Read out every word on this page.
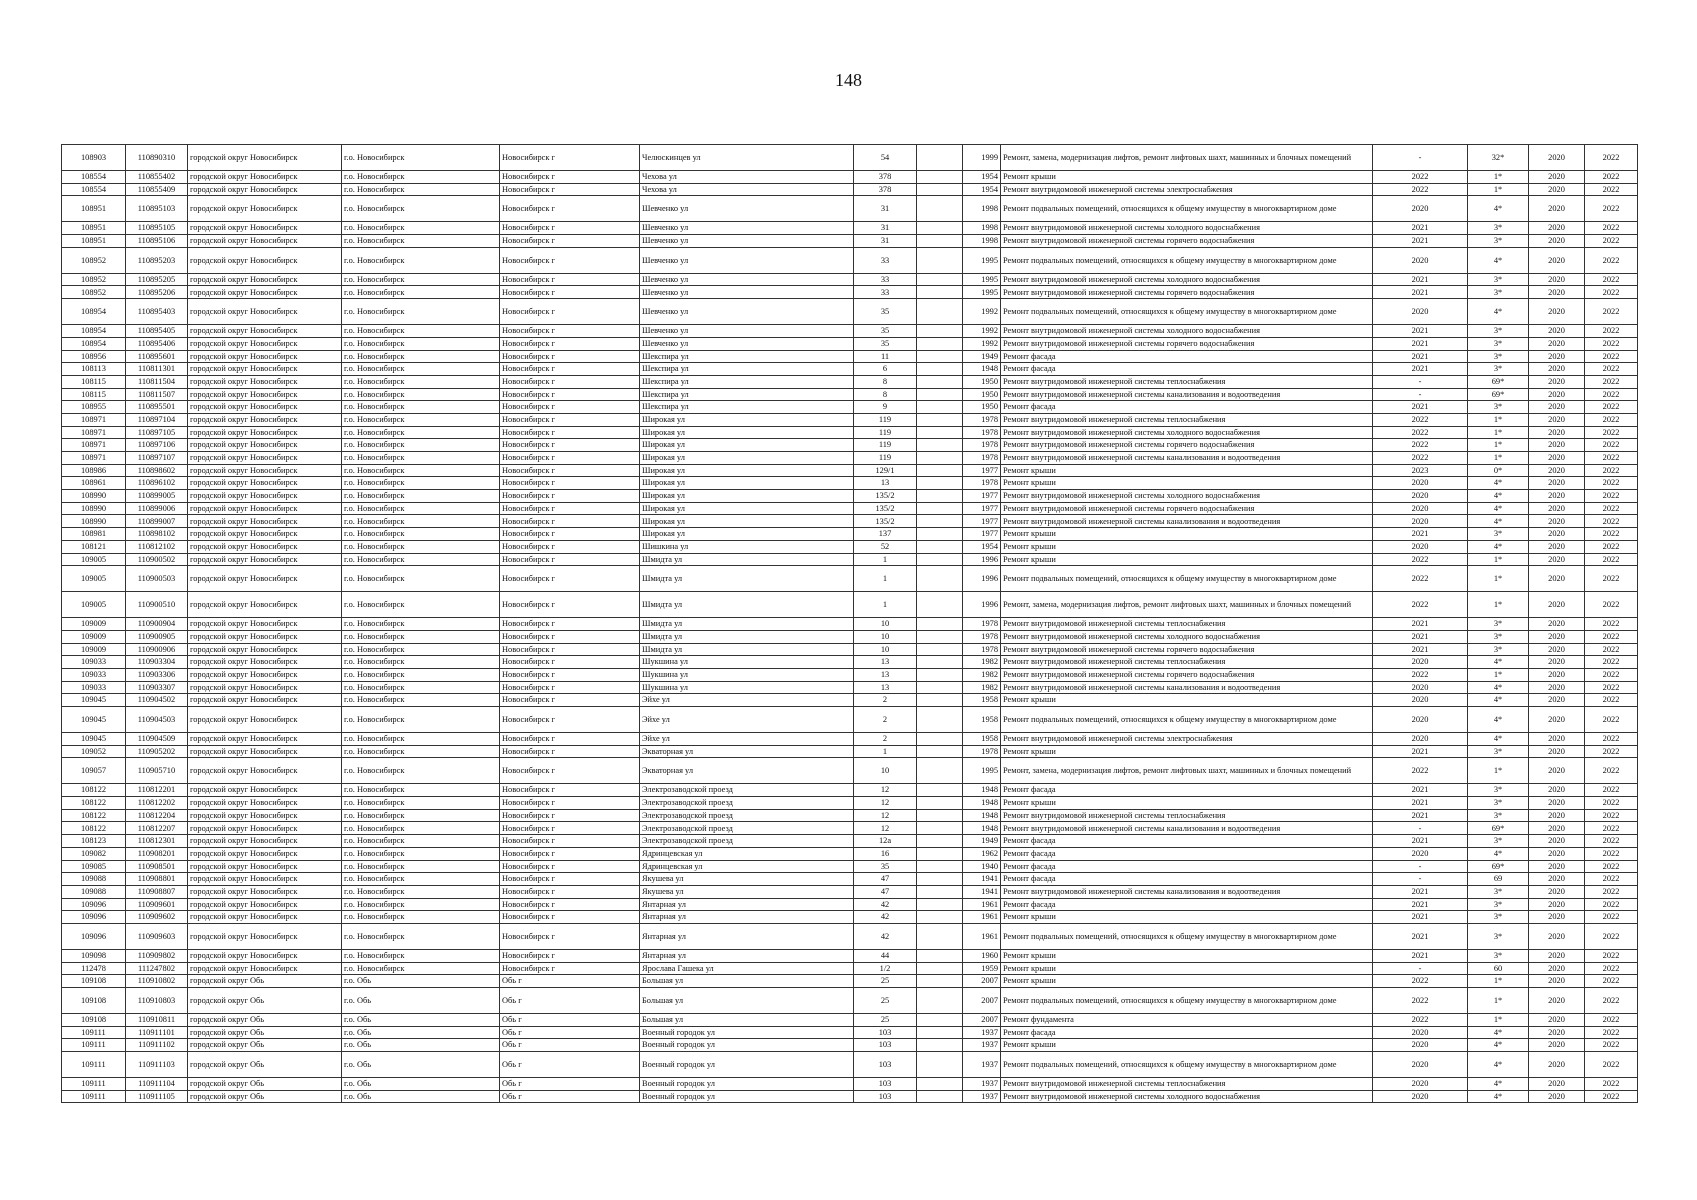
148
108903	110890310	городской округ Новосибирск	г.о. Новосибирск	Новосибирск г	Челюскинцев ул	54		1999	Ремонт, замена, модернизация лифтов, ремонт лифтовых шахт, машинных и блочных помещений	-	32*	2020	2022
108554	110855402	городской округ Новосибирск	г.о. Новосибирск	Новосибирск г	Чехова ул	378		1954	Ремонт крыши	2022	1*	2020	2022
108554	110855409	городской округ Новосибирск	г.о. Новосибирск	Новосибирск г	Чехова ул	378		1954	Ремонт внутридомовой инженерной системы электроснабжения	2022	1*	2020	2022
108951	110895103	городской округ Новосибирск	г.о. Новосибирск	Новосибирск г	Шевченко ул	31		1998	Ремонт подвальных помещений, относящихся к общему имуществу в многоквартирном доме	2020	4*	2020	2022
108951	110895105	городской округ Новосибирск	г.о. Новосибирск	Новосибирск г	Шевченко ул	31		1998	Ремонт внутридомовой инженерной системы холодного водоснабжения	2021	3*	2020	2022
108951	110895106	городской округ Новосибирск	г.о. Новосибирск	Новосибирск г	Шевченко ул	31		1998	Ремонт внутридомовой инженерной системы горячего водоснабжения	2021	3*	2020	2022
108952	110895203	городской округ Новосибирск	г.о. Новосибирск	Новосибирск г	Шевченко ул	33		1995	Ремонт подвальных помещений, относящихся к общему имуществу в многоквартирном доме	2020	4*	2020	2022
108952	110895205	городской округ Новосибирск	г.о. Новосибирск	Новосибирск г	Шевченко ул	33		1995	Ремонт внутридомовой инженерной системы холодного водоснабжения	2021	3*	2020	2022
108952	110895206	городской округ Новосибирск	г.о. Новосибирск	Новосибирск г	Шевченко ул	33		1995	Ремонт внутридомовой инженерной системы горячего водоснабжения	2021	3*	2020	2022
108954	110895403	городской округ Новосибирск	г.о. Новосибирск	Новосибирск г	Шевченко ул	35		1992	Ремонт подвальных помещений, относящихся к общему имуществу в многоквартирном доме	2020	4*	2020	2022
108954	110895405	городской округ Новосибирск	г.о. Новосибирск	Новосибирск г	Шевченко ул	35		1992	Ремонт внутридомовой инженерной системы холодного водоснабжения	2021	3*	2020	2022
108954	110895406	городской округ Новосибирск	г.о. Новосибирск	Новосибирск г	Шевченко ул	35		1992	Ремонт внутридомовой инженерной системы горячего водоснабжения	2021	3*	2020	2022
108956	110895601	городской округ Новосибирск	г.о. Новосибирск	Новосибирск г	Шекспира ул	11		1949	Ремонт фасада	2021	3*	2020	2022
108113	110811301	городской округ Новосибирск	г.о. Новосибирск	Новосибирск г	Шекспира ул	6		1948	Ремонт фасада	2021	3*	2020	2022
108115	110811504	городской округ Новосибирск	г.о. Новосибирск	Новосибирск г	Шекспира ул	8		1950	Ремонт внутридомовой инженерной системы теплоснабжения	-	69*	2020	2022
108115	110811507	городской округ Новосибирск	г.о. Новосибирск	Новосибирск г	Шекспира ул	8		1950	Ремонт внутридомовой инженерной системы канализования и водоотведения	-	69*	2020	2022
108955	110895501	городской округ Новосибирск	г.о. Новосибирск	Новосибирск г	Шекспира ул	9		1950	Ремонт фасада	2021	3*	2020	2022
108971	110897104	городской округ Новосибирск	г.о. Новосибирск	Новосибирск г	Широкая ул	119		1978	Ремонт внутридомовой инженерной системы теплоснабжения	2022	1*	2020	2022
108971	110897105	городской округ Новосибирск	г.о. Новосибирск	Новосибирск г	Широкая ул	119		1978	Ремонт внутридомовой инженерной системы холодного водоснабжения	2022	1*	2020	2022
108971	110897106	городской округ Новосибирск	г.о. Новосибирск	Новосибирск г	Широкая ул	119		1978	Ремонт внутридомовой инженерной системы горячего водоснабжения	2022	1*	2020	2022
108971	110897107	городской округ Новосибирск	г.о. Новосибирск	Новосибирск г	Широкая ул	119		1978	Ремонт внутридомовой инженерной системы канализования и водоотведения	2022	1*	2020	2022
108986	110898602	городской округ Новосибирск	г.о. Новосибирск	Новосибирск г	Широкая ул	129/1		1977	Ремонт крыши	2023	0*	2020	2022
108961	110896102	городской округ Новосибирск	г.о. Новосибирск	Новосибирск г	Широкая ул	13		1978	Ремонт крыши	2020	4*	2020	2022
108990	110899005	городской округ Новосибирск	г.о. Новосибирск	Новосибирск г	Широкая ул	135/2		1977	Ремонт внутридомовой инженерной системы холодного водоснабжения	2020	4*	2020	2022
108990	110899006	городской округ Новосибирск	г.о. Новосибирск	Новосибирск г	Широкая ул	135/2		1977	Ремонт внутридомовой инженерной системы горячего водоснабжения	2020	4*	2020	2022
108990	110899007	городской округ Новосибирск	г.о. Новосибирск	Новосибирск г	Широкая ул	135/2		1977	Ремонт внутридомовой инженерной системы канализования и водоотведения	2020	4*	2020	2022
108981	110898102	городской округ Новосибирск	г.о. Новосибирск	Новосибирск г	Широкая ул	137		1977	Ремонт крыши	2021	3*	2020	2022
108121	110812102	городской округ Новосибирск	г.о. Новосибирск	Новосибирск г	Шишкина ул	52		1954	Ремонт крыши	2020	4*	2020	2022
109005	110900502	городской округ Новосибирск	г.о. Новосибирск	Новосибирск г	Шмидта ул	1		1996	Ремонт крыши	2022	1*	2020	2022
109005	110900503	городской округ Новосибирск	г.о. Новосибирск	Новосибирск г	Шмидта ул	1		1996	Ремонт подвальных помещений, относящихся к общему имуществу в многоквартирном доме	2022	1*	2020	2022
109005	110900510	городской округ Новосибирск	г.о. Новосибирск	Новосибирск г	Шмидта ул	1		1996	Ремонт, замена, модернизация лифтов, ремонт лифтовых шахт, машинных и блочных помещений	2022	1*	2020	2022
109009	110900904	городской округ Новосибирск	г.о. Новосибирск	Новосибирск г	Шмидта ул	10		1978	Ремонт внутридомовой инженерной системы теплоснабжения	2021	3*	2020	2022
109009	110900905	городской округ Новосибирск	г.о. Новосибирск	Новосибирск г	Шмидта ул	10		1978	Ремонт внутридомовой инженерной системы холодного водоснабжения	2021	3*	2020	2022
109009	110900906	городской округ Новосибирск	г.о. Новосибирск	Новосибирск г	Шмидта ул	10		1978	Ремонт внутридомовой инженерной системы горячего водоснабжения	2021	3*	2020	2022
109033	110903304	городской округ Новосибирск	г.о. Новосибирск	Новосибирск г	Шукшина ул	13		1982	Ремонт внутридомовой инженерной системы теплоснабжения	2020	4*	2020	2022
109033	110903306	городской округ Новосибирск	г.о. Новосибирск	Новосибирск г	Шукшина ул	13		1982	Ремонт внутридомовой инженерной системы горячего водоснабжения	2022	1*	2020	2022
109033	110903307	городской округ Новосибирск	г.о. Новосибирск	Новосибирск г	Шукшина ул	13		1982	Ремонт внутридомовой инженерной системы канализования и водоотведения	2020	4*	2020	2022
109045	110904502	городской округ Новосибирск	г.о. Новосибирск	Новосибирск г	Эйхе ул	2		1958	Ремонт крыши	2020	4*	2020	2022
109045	110904503	городской округ Новосибирск	г.о. Новосибирск	Новосибирск г	Эйхе ул	2		1958	Ремонт подвальных помещений, относящихся к общему имуществу в многоквартирном доме	2020	4*	2020	2022
109045	110904509	городской округ Новосибирск	г.о. Новосибирск	Новосибирск г	Эйхе ул	2		1958	Ремонт внутридомовой инженерной системы электроснабжения	2020	4*	2020	2022
109052	110905202	городской округ Новосибирск	г.о. Новосибирск	Новосибирск г	Экваторная ул	1		1978	Ремонт крыши	2021	3*	2020	2022
109057	110905710	городской округ Новосибирск	г.о. Новосибирск	Новосибирск г	Экваторная ул	10		1995	Ремонт, замена, модернизация лифтов, ремонт лифтовых шахт, машинных и блочных помещений	2022	1*	2020	2022
108122	110812201	городской округ Новосибирск	г.о. Новосибирск	Новосибирск г	Электрозаводской проезд	12		1948	Ремонт фасада	2021	3*	2020	2022
108122	110812202	городской округ Новосибирск	г.о. Новосибирск	Новосибирск г	Электрозаводской проезд	12		1948	Ремонт крыши	2021	3*	2020	2022
108122	110812204	городской округ Новосибирск	г.о. Новосибирск	Новосибирск г	Электрозаводской проезд	12		1948	Ремонт внутридомовой инженерной системы теплоснабжения	2021	3*	2020	2022
108122	110812207	городской округ Новосибирск	г.о. Новосибирск	Новосибирск г	Электрозаводской проезд	12		1948	Ремонт внутридомовой инженерной системы канализования и водоотведения	-	69*	2020	2022
108123	110812301	городской округ Новосибирск	г.о. Новосибирск	Новосибирск г	Электрозаводской проезд	12а		1949	Ремонт фасада	2021	3*	2020	2022
109082	110908201	городской округ Новосибирск	г.о. Новосибирск	Новосибирск г	Ядринцевская ул	16		1962	Ремонт фасада	2020	4*	2020	2022
109085	110908501	городской округ Новосибирск	г.о. Новосибирск	Новосибирск г	Ядринцевская ул	35		1940	Ремонт фасада	-	69*	2020	2022
109088	110908801	городской округ Новосибирск	г.о. Новосибирск	Новосибирск г	Якушева ул	47		1941	Ремонт фасада	-	69	2020	2022
109088	110908807	городской округ Новосибирск	г.о. Новосибирск	Новосибирск г	Якушева ул	47		1941	Ремонт внутридомовой инженерной системы канализования и водоотведения	2021	3*	2020	2022
109096	110909601	городской округ Новосибирск	г.о. Новосибирск	Новосибирск г	Янтарная ул	42		1961	Ремонт фасада	2021	3*	2020	2022
109096	110909602	городской округ Новосибирск	г.о. Новосибирск	Новосибирск г	Янтарная ул	42		1961	Ремонт крыши	2021	3*	2020	2022
109096	110909603	городской округ Новосибирск	г.о. Новосибирск	Новосибирск г	Янтарная ул	42		1961	Ремонт подвальных помещений, относящихся к общему имуществу в многоквартирном доме	2021	3*	2020	2022
109098	110909802	городской округ Новосибирск	г.о. Новосибирск	Новосибирск г	Янтарная ул	44		1960	Ремонт крыши	2021	3*	2020	2022
112478	111247802	городской округ Новосибирск	г.о. Новосибирск	Новосибирск г	Ярослава Гашека ул	1/2		1959	Ремонт крыши	-	60	2020	2022
109108	110910802	городской округ Обь	г.о. Обь	Обь г	Большая ул	25		2007	Ремонт крыши	2022	1*	2020	2022
109108	110910803	городской округ Обь	г.о. Обь	Обь г	Большая ул	25		2007	Ремонт подвальных помещений, относящихся к общему имуществу в многоквартирном доме	2022	1*	2020	2022
109108	110910811	городской округ Обь	г.о. Обь	Обь г	Большая ул	25		2007	Ремонт фундамента	2022	1*	2020	2022
109111	110911101	городской округ Обь	г.о. Обь	Обь г	Военный городок ул	103		1937	Ремонт фасада	2020	4*	2020	2022
109111	110911102	городской округ Обь	г.о. Обь	Обь г	Военный городок ул	103		1937	Ремонт крыши	2020	4*	2020	2022
109111	110911103	городской округ Обь	г.о. Обь	Обь г	Военный городок ул	103		1937	Ремонт подвальных помещений, относящихся к общему имуществу в многоквартирном доме	2020	4*	2020	2022
109111	110911104	городской округ Обь	г.о. Обь	Обь г	Военный городок ул	103		1937	Ремонт внутридомовой инженерной системы теплоснабжения	2020	4*	2020	2022
109111	110911105	городской округ Обь	г.о. Обь	Обь г	Военный городок ул	103		1937	Ремонт внутридомовой инженерной системы холодного водоснабжения	2020	4*	2020	2022
